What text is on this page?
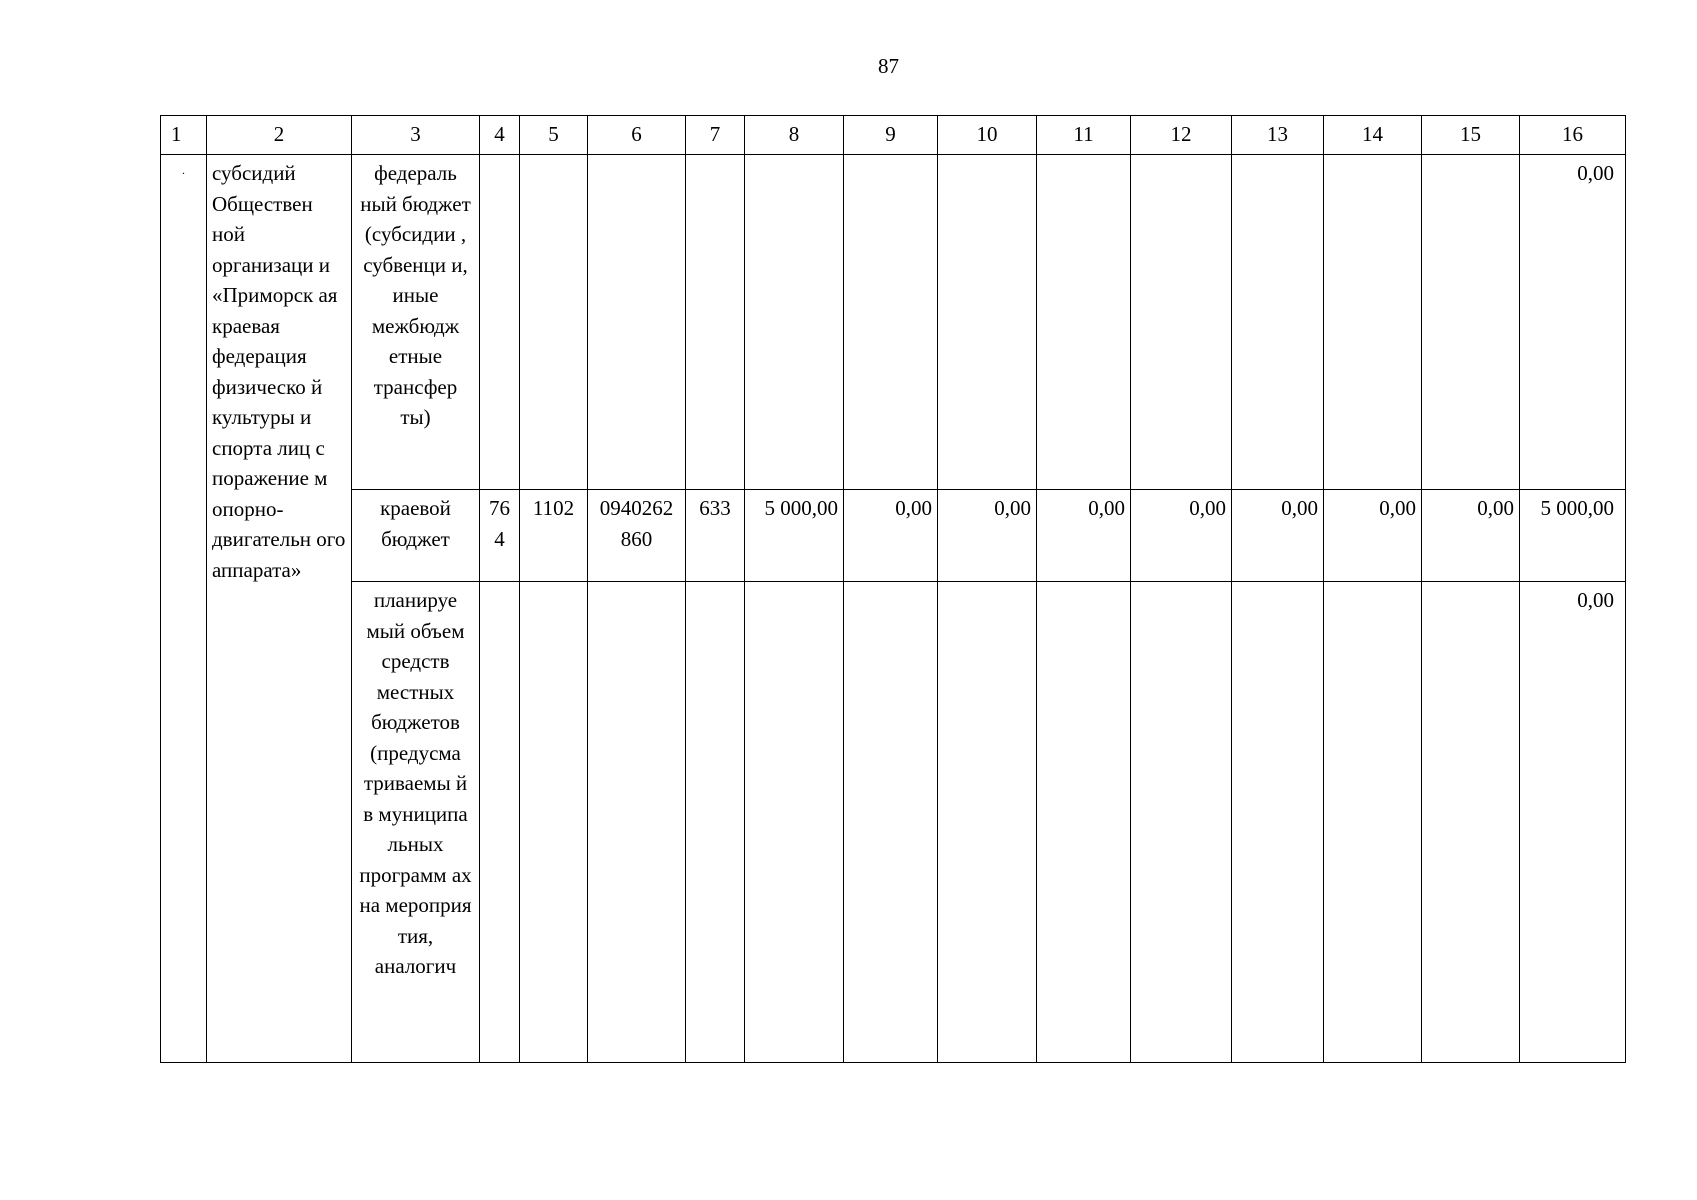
87
1	2	3	4	5	6	7	8	9	10	11	12	13	14	15	16
.	субсидий Обществен ной организаци и «Приморск ая краевая федерация физическо й культуры и спорта лиц с поражение м опорно-двигательн ого аппарата»	федераль ный бюджет (субсидии , субвенци и, иные межбюдж етные трансфер ты)													0,00
		краевой бюджет	764	1102	0940262860	633	5 000,00	0,00	0,00	0,00	0,00	0,00	0,00	0,00	5 000,00
		планируе мый объем средств местных бюджетов (предусма триваемы й в муниципа льных программ ах на мероприя тия, аналогич													0,00
